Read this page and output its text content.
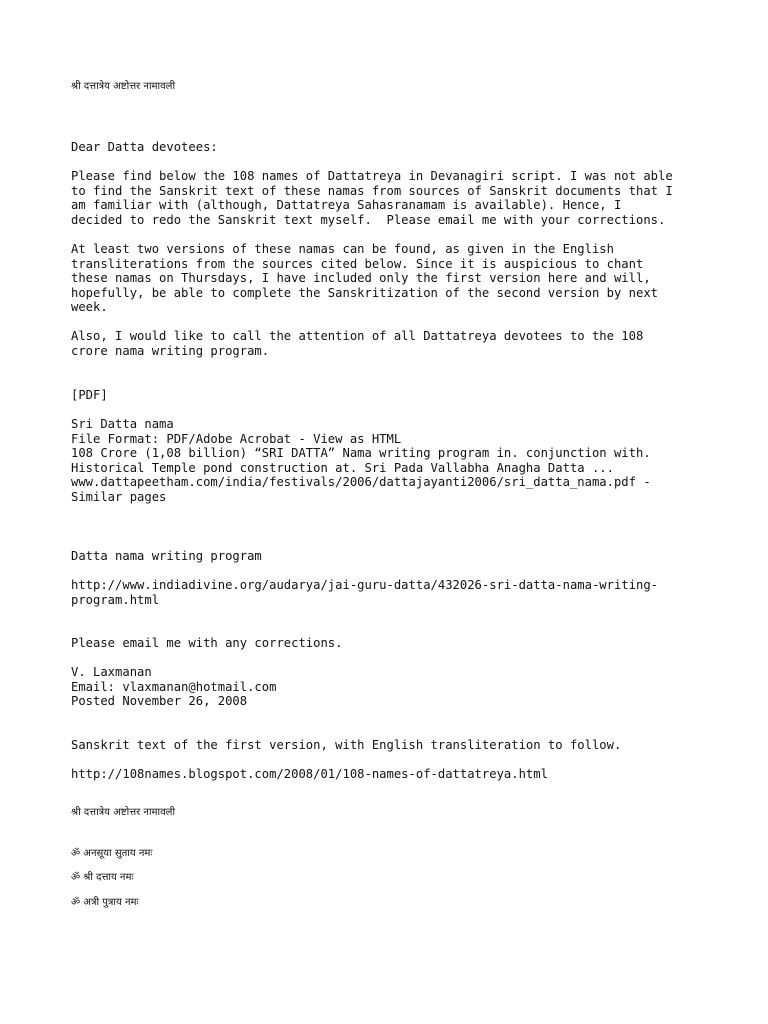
श्री दत्तात्रेय अष्टोत्तर नामावली
Dear Datta devotees:
Please find below the 108 names of Dattatreya in Devanagiri script. I was not able
to find the Sanskrit text of these namas from sources of Sanskrit documents that I
am familiar with (although, Dattatreya Sahasranamam is available). Hence, I
decided to redo the Sanskrit text myself.  Please email me with your corrections.
At least two versions of these namas can be found, as given in the English
transliterations from the sources cited below. Since it is auspicious to chant
these namas on Thursdays, I have included only the first version here and will,
hopefully, be able to complete the Sanskritization of the second version by next
week.
Also, I would like to call the attention of all Dattatreya devotees to the 108
crore nama writing program.
[PDF]
Sri Datta nama
File Format: PDF/Adobe Acrobat - View as HTML
108 Crore (1,08 billion) “SRI DATTA” Nama writing program in. conjunction with.
Historical Temple pond construction at. Sri Pada Vallabha Anagha Datta ...
www.dattapeetham.com/india/festivals/2006/dattajayanti2006/sri_datta_nama.pdf -
Similar pages
Datta nama writing program
http://www.indiadivine.org/audarya/jai-guru-datta/432026-sri-datta-nama-writing-
program.html
Please email me with any corrections.
V. Laxmanan
Email: vlaxmanan@hotmail.com
Posted November 26, 2008
Sanskrit text of the first version, with English transliteration to follow.
http://108names.blogspot.com/2008/01/108-names-of-dattatreya.html
श्री दत्तात्रेय अष्टोत्तर नामावली
ॐ अनसूया सुताय नमः
ॐ श्री दत्ताय नमः
ॐ अत्री पुत्राय नमः
